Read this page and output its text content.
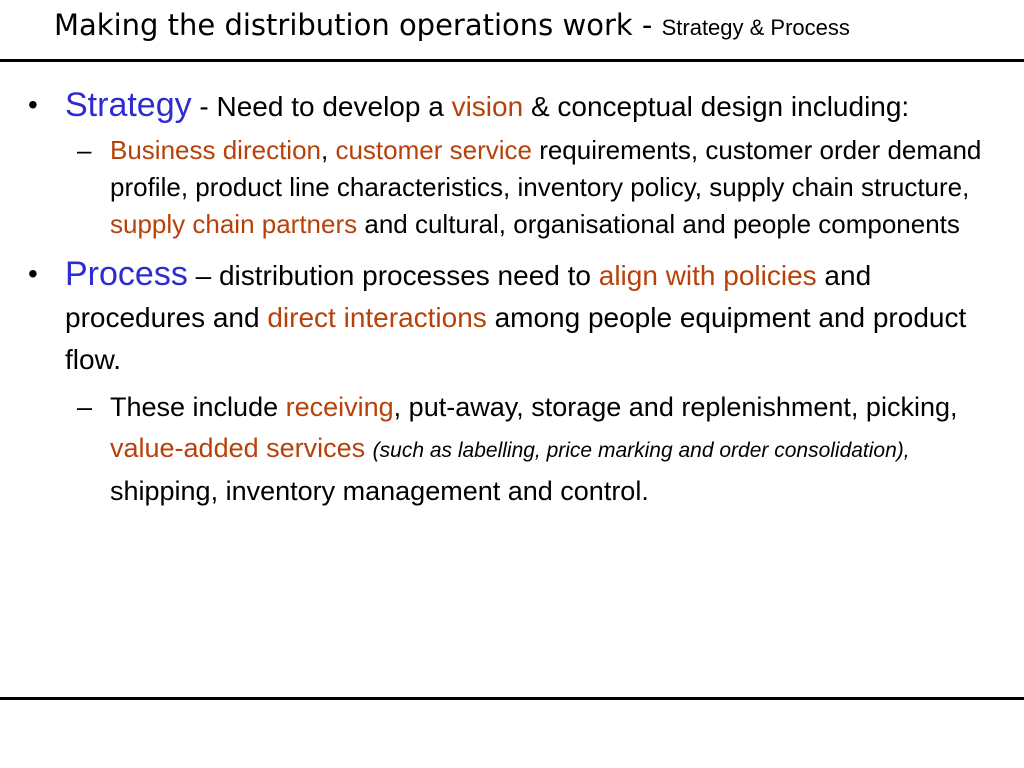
Making the distribution operations work - Strategy & Process
• Strategy - Need to develop a vision & conceptual design including:
– Business direction, customer service requirements, customer order demand profile, product line characteristics, inventory policy, supply chain structure, supply chain partners and cultural, organisational and people components
• Process – distribution processes need to align with policies and procedures and direct interactions among people equipment and product flow.
– These include receiving, put-away, storage and replenishment, picking, value-added services (such as labelling, price marking and order consolidation), shipping, inventory management and control.
